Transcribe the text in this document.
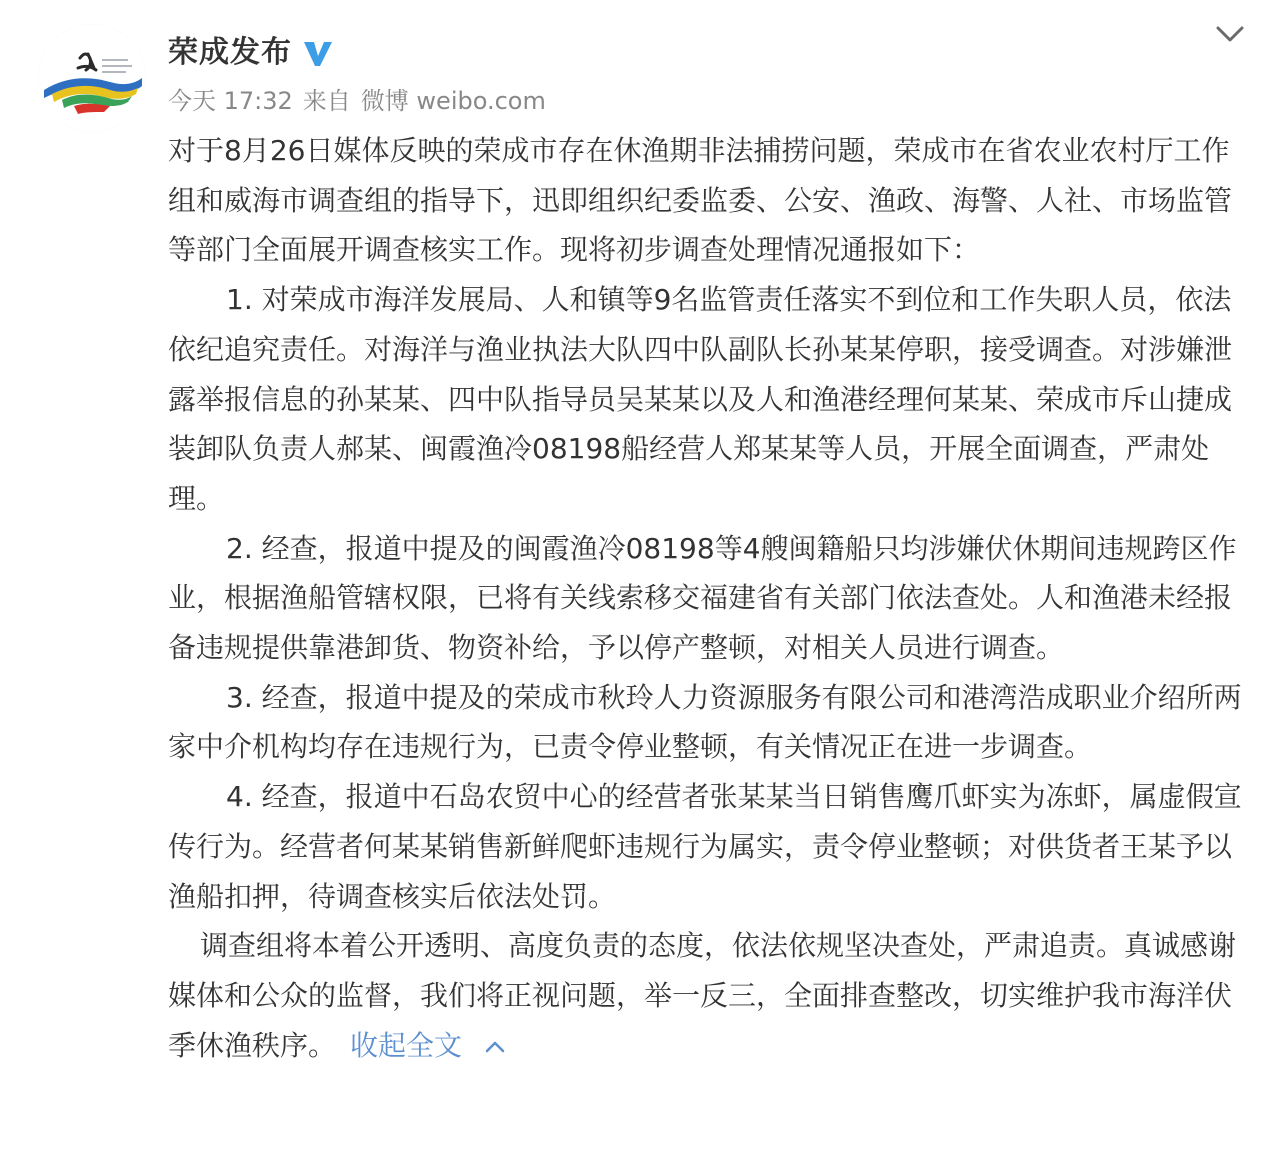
荣成发布
今天 17:32 来自 微博 weibo.com

对于8月26日媒体反映的荣成市存在休渔期非法捕捞问题，荣成市在省农业农村厅工作组和威海市调查组的指导下，迅即组织纪委监委、公安、渔政、海警、人社、市场监管等部门全面展开调查核实工作。现将初步调查处理情况通报如下：

1. 对荣成市海洋发展局、人和镇等9名监管责任落实不到位和工作失职人员，依法依纪追究责任。对海洋与渔业执法大队四中队副队长孙某某停职，接受调查。对涉嫌泄露举报信息的孙某某、四中队指导员吴某某以及人和渔港经理何某某、荣成市斥山捷成装卸队负责人郝某、闽霞渔冷08198船经营人郑某某等人员，开展全面调查，严肃处理。

2. 经查，报道中提及的闽霞渔冷08198等4艘闽籍船只均涉嫌伏休期间违规跨区作业，根据渔船管辖权限，已将有关线索移交福建省有关部门依法查处。人和渔港未经报备违规提供靠港卸货、物资补给，予以停产整顿，对相关人员进行调查。

3. 经查，报道中提及的荣成市秋玲人力资源服务有限公司和港湾浩成职业介绍所两家中介机构均存在违规行为，已责令停业整顿，有关情况正在进一步调查。

4. 经查，报道中石岛农贸中心的经营者张某某当日销售鹰爪虾实为冻虾，属虚假宣传行为。经营者何某某销售新鲜爬虾违规行为属实，责令停业整顿；对供货者王某予以渔船扣押，待调查核实后依法处罚。

调查组将本着公开透明、高度负责的态度，依法依规坚决查处，严肃追责。真诚感谢媒体和公众的监督，我们将正视问题，举一反三，全面排查整改，切实维护我市海洋伏季休渔秩序。 收起全文
